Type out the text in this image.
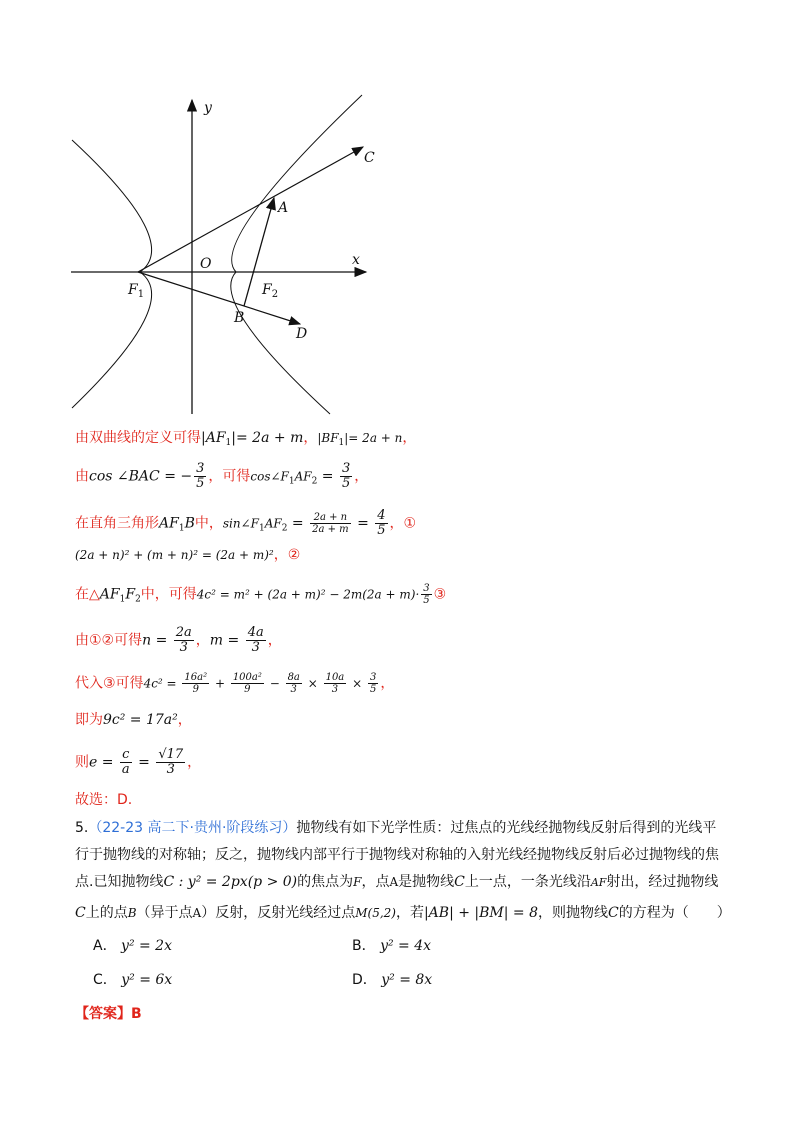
y
x
O
C
A
B
D
$F_1$	$F_2$
由双曲线的定义可得$|AF_1|= 2a + m$，$|BF_1|= 2a + n$，
由cos ∠BAC = − $\frac{3}{5}$ ，可得$\cos\angle F_1AF_2 = \frac{3}{5}$ ，
在直角三角形$AF_1B$中，$\sin\angle F_1AF_2 = \frac{2a + n}{2a + m} = \frac{4}{5}$ ，①
(2a + n)² + (m + n)² = (2a + m)²，②
在$\triangle AF_1F_2$中，可得$4c^2 = m^2 + (2a + m)^2 - 2m(2a + m)\cdot \frac{3}{5}$ ③
由①②可得$n = \frac{2a}{3}$ ，$m = \frac{4a}{3}$ ，
代入③可得$4c^2 = \frac{\text{16a²}}{9} + \frac{\text{100a²}}{9} - \frac{8a}{3} \times \frac{10a}{3} \times \frac{3}{5}$ ，
即为9c² = 17a²，
则$e = \frac{c}{a} = \frac{√17}{3}$ ，
故选：D.
5.（22-23 高二下·贵州·阶段练习）抛物线有如下光学性质：过焦点的光线经抛物线反射后得到的光线平
行于抛物线的对称轴；反之，抛物线内部平行于抛物线对称轴的入射光线经抛物线反射后必过抛物线的焦
点.已知抛物线C : y² = 2px(p > 0)的焦点为F，点A是抛物线C上一点，一条光线沿AF射出，经过抛物线
C上的点B（异于点A）反射，反射光线经过点M(5,2)，若|AB| + |BM| = 8，则抛物线C的方程为（　　）
A． y² = 2x	B． y² = 4x
C． y² = 6x	D． y² = 8x
【答案】B
